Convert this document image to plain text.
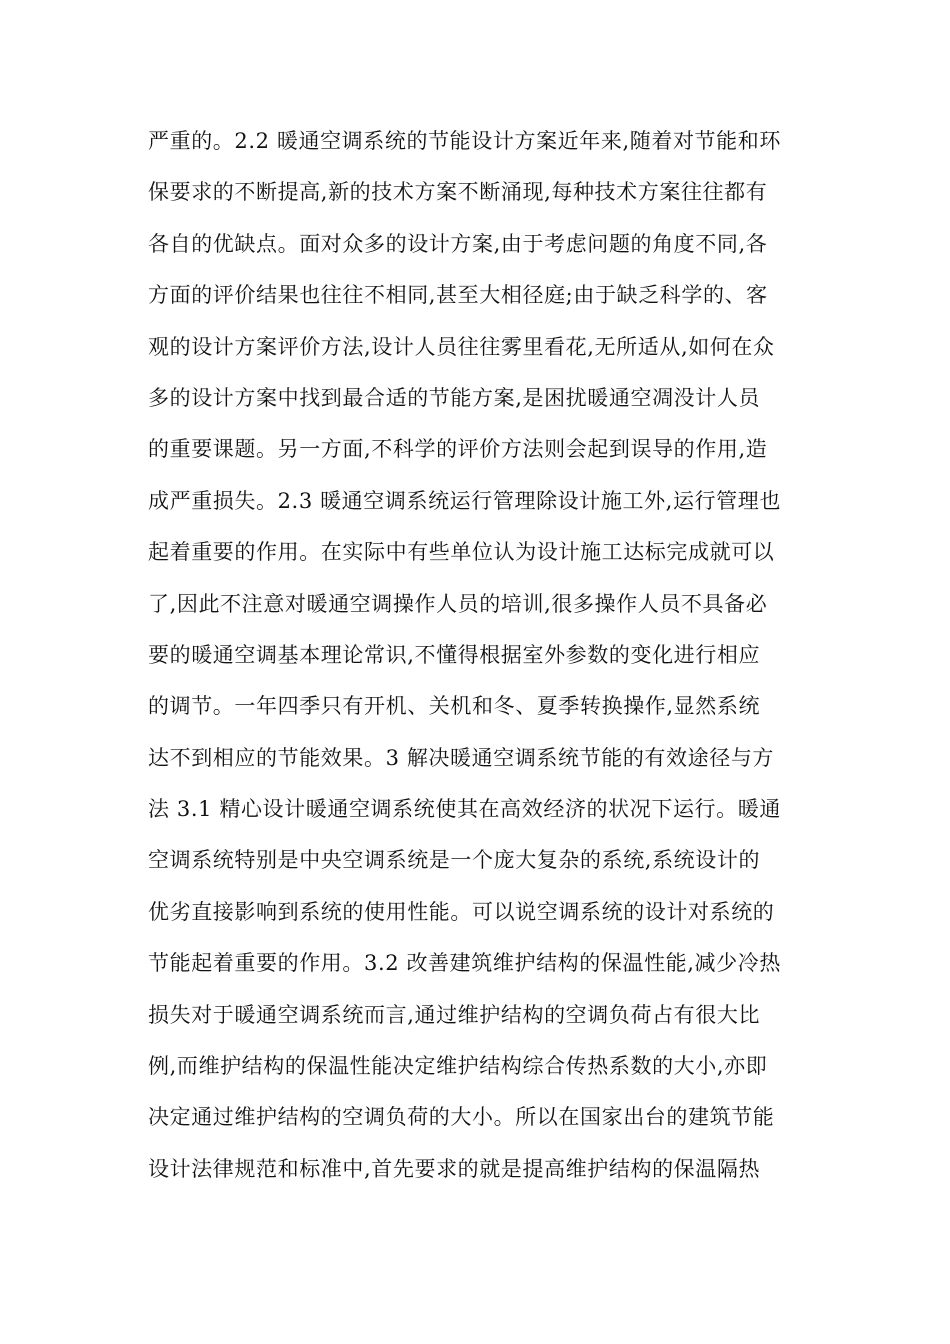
严重的。2.2 暖通空调系统的节能设计方案近年来,随着对节能和环
保要求的不断提高,新的技术方案不断涌现,每种技术方案往往都有
各自的优缺点。面对众多的设计方案,由于考虑问题的角度不同,各
方面的评价结果也往往不相同,甚至大相径庭;由于缺乏科学的、客
观的设计方案评价方法,设计人员往往雾里看花,无所适从,如何在众
多的设计方案中找到最合适的节能方案,是困扰暖通空凋没计人员
的重要课题。另一方面,不科学的评价方法则会起到误导的作用,造
成严重损失。2.3 暖通空调系统运行管理除设计施工外,运行管理也
起着重要的作用。在实际中有些单位认为设计施工达标完成就可以
了,因此不注意对暖通空调操作人员的培训,很多操作人员不具备必
要的暖通空调基本理论常识,不懂得根据室外参数的变化进行相应
的调节。一年四季只有开机、关机和冬、夏季转换操作,显然系统
达不到相应的节能效果。3 解决暖通空调系统节能的有效途径与方
法 3.1 精心设计暖通空调系统使其在高效经济的状况下运行。暖通
空调系统特别是中央空调系统是一个庞大复杂的系统,系统设计的
优劣直接影响到系统的使用性能。可以说空调系统的设计对系统的
节能起着重要的作用。3.2 改善建筑维护结构的保温性能,减少冷热
损失对于暖通空调系统而言,通过维护结构的空调负荷占有很大比
例,而维护结构的保温性能决定维护结构综合传热系数的大小,亦即
决定通过维护结构的空调负荷的大小。所以在国家出台的建筑节能
设计法律规范和标准中,首先要求的就是提高维护结构的保温隔热
